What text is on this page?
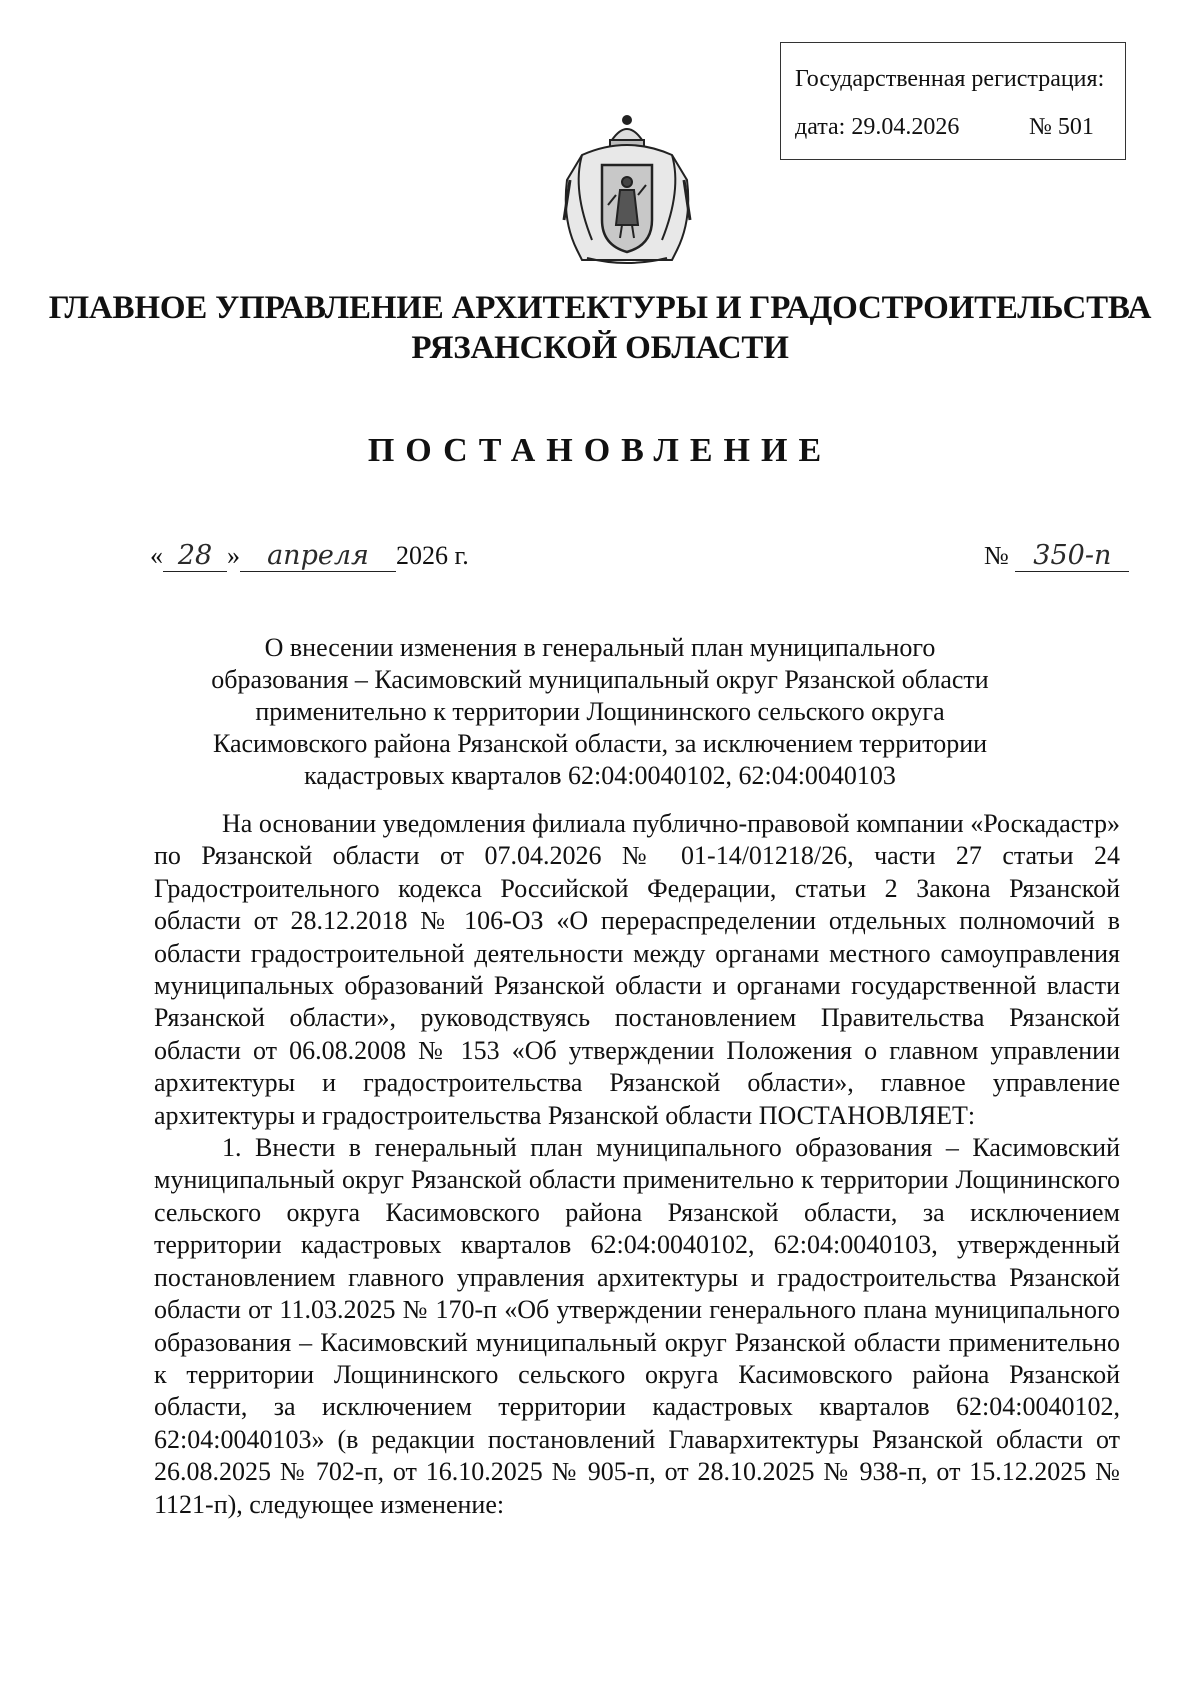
Государственная регистрация:
дата: 29.04.2026	№ 501
ГЛАВНОЕ УПРАВЛЕНИЕ АРХИТЕКТУРЫ И ГРАДОСТРОИТЕЛЬСТВА
РЯЗАНСКОЙ ОБЛАСТИ
ПОСТАНОВЛЕНИЕ
« 28 » апреля 2026 г.	№ 350-п
О внесении изменения в генеральный план муниципального
образования – Касимовский муниципальный округ Рязанской области
применительно к территории Лощининского сельского округа
Касимовского района Рязанской области, за исключением территории
кадастровых кварталов 62:04:0040102, 62:04:0040103

На основании уведомления филиала публично-правовой компании «Роскадастр» по Рязанской области от 07.04.2026 № 01-14/01218/26, части 27 статьи 24 Градостроительного кодекса Российской Федерации, статьи 2 Закона Рязанской области от 28.12.2018 № 106-ОЗ «О перераспределении отдельных полномочий в области градостроительной деятельности между органами местного самоуправления муниципальных образований Рязанской области и органами государственной власти Рязанской области», руководствуясь постановлением Правительства Рязанской области от 06.08.2008 № 153 «Об утверждении Положения о главном управлении архитектуры и градостроительства Рязанской области», главное управление архитектуры и градостроительства Рязанской области ПОСТАНОВЛЯЕТ:

1. Внести в генеральный план муниципального образования – Касимовский муниципальный округ Рязанской области применительно к территории Лощининского сельского округа Касимовского района Рязанской области, за исключением территории кадастровых кварталов 62:04:0040102, 62:04:0040103, утвержденный постановлением главного управления архитектуры и градостроительства Рязанской области от 11.03.2025 № 170-п «Об утверждении генерального плана муниципального образования – Касимовский муниципальный округ Рязанской области применительно к территории Лощининского сельского округа Касимовского района Рязанской области, за исключением территории кадастровых кварталов 62:04:0040102, 62:04:0040103» (в редакции постановлений Главархитектуры Рязанской области от 26.08.2025 № 702-п, от 16.10.2025 № 905-п, от 28.10.2025 № 938-п, от 15.12.2025 № 1121-п), следующее изменение:
